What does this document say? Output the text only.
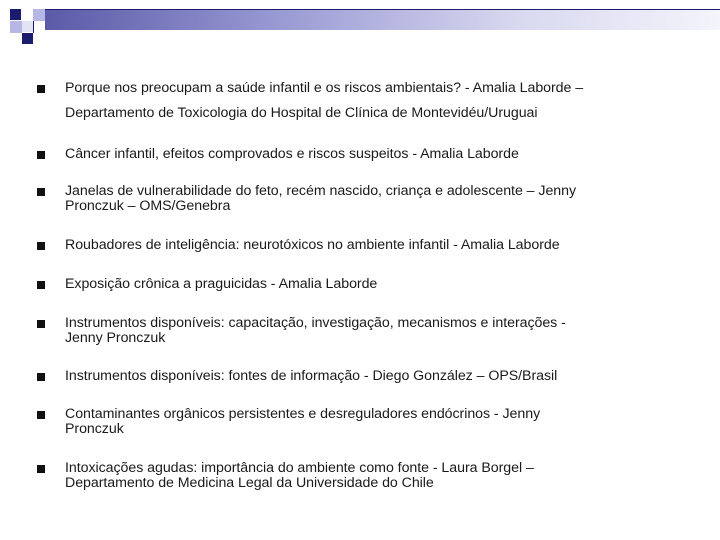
Porque nos preocupam a saúde infantil e os riscos ambientais? - Amalia Laborde –
Departamento de Toxicologia do Hospital de Clínica de Montevidéu/Uruguai
Câncer infantil, efeitos comprovados e riscos suspeitos - Amalia Laborde
Janelas de vulnerabilidade do feto, recém nascido, criança e adolescente – Jenny
Pronczuk – OMS/Genebra
Roubadores de inteligência: neurotóxicos no ambiente infantil - Amalia Laborde
Exposição crônica a praguicidas - Amalia Laborde
Instrumentos disponíveis: capacitação, investigação, mecanismos e interações -
Jenny Pronczuk
Instrumentos disponíveis: fontes de informação - Diego González – OPS/Brasil
Contaminantes orgânicos persistentes e desreguladores endócrinos - Jenny
Pronczuk
Intoxicações agudas: importância do ambiente como fonte - Laura Borgel –
Departamento de Medicina Legal da Universidade do Chile
